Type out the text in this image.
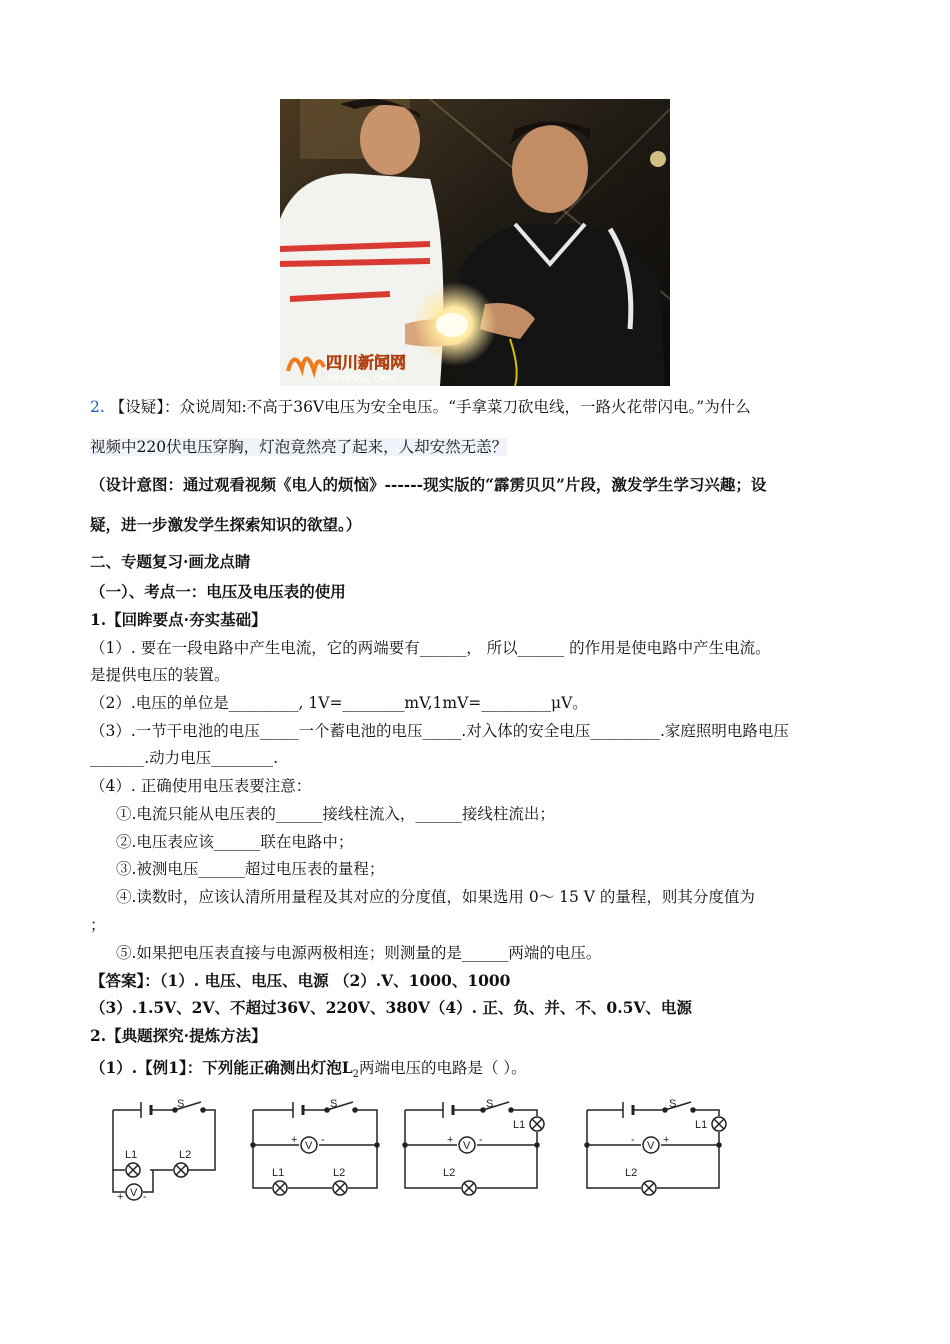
四川新闻网
NEWSSC.ORG
2. 【设疑】：众说周知:不高于36V电压为安全电压。“手拿菜刀砍电线，一路火花带闪电。”为什么
视频中220伏电压穿胸，灯泡竟然亮了起来，人却安然无恙？
（设计意图：通过观看视频《电人的烦恼》------现实版的“霹雳贝贝”片段，激发学生学习兴趣；设
疑，进一步激发学生探索知识的欲望。）
二、专题复习·画龙点睛
（一）、考点一：电压及电压表的使用
1.【回眸要点·夯实基础】
（1）. 要在一段电路中产生电流，它的两端要有______， 所以______ 的作用是使电路中产生电流。
是提供电压的装置。
（2）.电压的单位是_________, 1V=________mV,1mV=_________μV。
（3）.一节干电池的电压_____一个蓄电池的电压_____.对入体的安全电压_________.家庭照明电路电压
_______.动力电压________.
（4）. 正确使用电压表要注意：
①.电流只能从电压表的______接线柱流入，______接线柱流出；
②.电压表应该______联在电路中；
③.被测电压______超过电压表的量程；
④.读数时，应该认清所用量程及其对应的分度值，如果选用 0～ 15 V 的量程，则其分度值为
；
⑤.如果把电压表直接与电源两极相连；则测量的是______两端的电压。
【答案】：（1）. 电压、电压、电源 （2）.V、1000、1000
（3）.1.5V、2V、不超过36V、220V、380V（4）. 正、负、并、不、0.5V、电源
2.【典题探究·提炼方法】
（1）.【例1】：下列能正确测出灯泡$L_2$两端电压的电路是（ ）。
V
+ -
S
L1	L2
V
+ -
S
L1	L2
V
+ -
S
L1
L2
V
-	+
S
L1
L2
